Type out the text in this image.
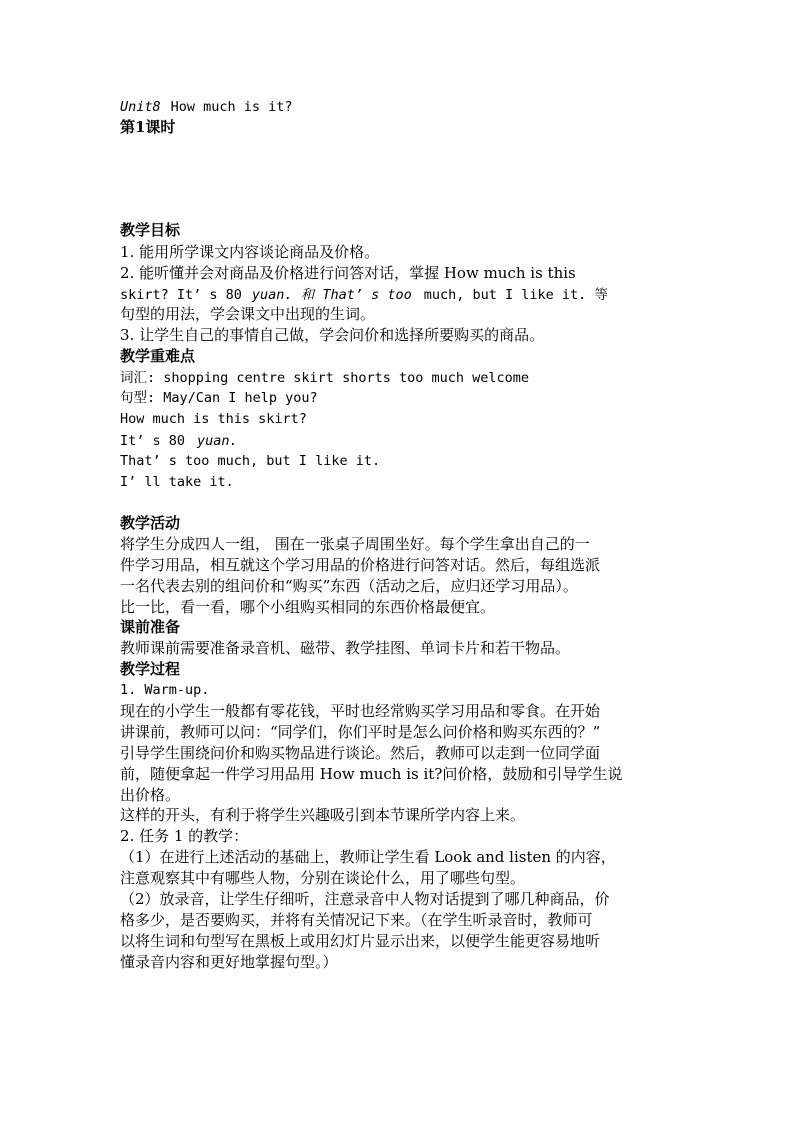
Unit8 How much is it?
第1课时
教学目标
1. 能用所学课文内容谈论商品及价格。
2. 能听懂并会对商品及价格进行问答对话，掌握 How much is this
skirt? It’ s 80 yuan. 和 That’ s too much, but I like it. 等
句型的用法，学会课文中出现的生词。
3. 让学生自己的事情自己做，学会问价和选择所要购买的商品。
教学重难点
词汇: shopping centre skirt shorts too much welcome
句型: May/Can I help you?
How much is this skirt?
It’ s 80 yuan.
That’ s too much, but I like it.
I’ ll take it.
教学活动
将学生分成四人一组， 围在一张桌子周围坐好。每个学生拿出自己的一
件学习用品，相互就这个学习用品的价格进行问答对话。然后，每组选派
一名代表去别的组问价和“购买”东西（活动之后，应归还学习用品）。
比一比，看一看，哪个小组购买相同的东西价格最便宜。
课前准备
教师课前需要准备录音机、磁带、教学挂图、单词卡片和若干物品。
教学过程
1. Warm-up.
现在的小学生一般都有零花钱，平时也经常购买学习用品和零食。在开始
讲课前，教师可以问：“同学们，你们平时是怎么问价格和购买东西的？”
引导学生围绕问价和购买物品进行谈论。然后，教师可以走到一位同学面
前，随便拿起一件学习用品用 How much is it?问价格，鼓励和引导学生说
出价格。
这样的开头，有利于将学生兴趣吸引到本节课所学内容上来。
2. 任务 1 的教学：
（1）在进行上述活动的基础上，教师让学生看 Look and listen 的内容，
注意观察其中有哪些人物，分别在谈论什么，用了哪些句型。
（2）放录音，让学生仔细听，注意录音中人物对话提到了哪几种商品，价
格多少，是否要购买，并将有关情况记下来。（在学生听录音时，教师可
以将生词和句型写在黑板上或用幻灯片显示出来，以便学生能更容易地听
懂录音内容和更好地掌握句型。）
